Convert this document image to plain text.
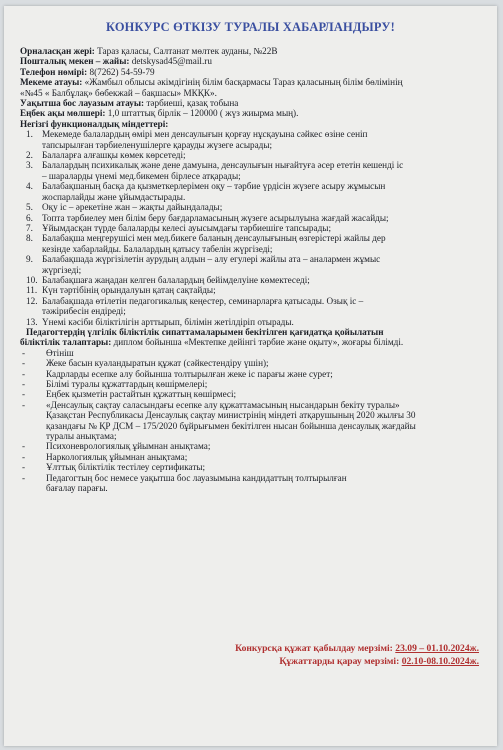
КОНКУРС ӨТКІЗУ ТУРАЛЫ ХАБАРЛАНДЫРУ!
Орналасқан жері: Тараз қаласы, Салтанат мөлтек ауданы, №22В
Пошталық мекен – жайы: detskysad45@mail.ru
Телефон нөмірі: 8(7262) 54-59-79
Мекеме атауы: «Жамбыл облысы әкімдігінің білім басқармасы Тараз қаласының білім бөлімінің
«№45 « Балбұлақ» бөбекжай – бақшасы» МКҚК».
Уақытша бос лауазым атауы: тәрбиеші, қазақ тобына
Еңбек ақы мөлшері: 1,0 штаттық бірлік – 120000 ( жүз жиырма мың).
Негізгі функционалдық міндеттері:
1. Мекемеде балалардың өмірі мен денсаулығын қорғау нұсқауына сәйкес өзіне сеніп
тапсырылған тәрбиеленушілерге қарауды жүзеге асырады;
2. Балаларға алғашқы көмек көрсетеді;
3. Балалардың психикалық және дене дамуына, денсаулығын нығайтуға әсер ететін кешенді іс
– шараларды үнемі мед.бикемен бірлесе атқарады;
4. Балабақшаның басқа да қызметкерлерімен оқу – тәрбие үрдісін жүзеге асыру жұмысын
жоспарлайды және ұйымдастырады.
5. Оқу іс – әрекетіне жан – жақты дайындалады;
6. Топта тәрбиелеу мен білім беру бағдарламасының жүзеге асырылуына жағдай жасайды;
7. Ұйымдасқан түрде балаларды келесі ауысымдағы тәрбиешіге тапсырады;
8. Балабақша меңгерушісі мен мед.бикеге баланың денсаулығының өзгерістері жайлы дер
кезінде хабарлайды. Балалардың қатысу табелін жүргізеді;
9. Балабақшада жүргізілетін аурудың алдын – алу егулері жайлы ата – аналармен жұмыс
жүргізеді;
10. Балабақшаға жаңадан келген балалардың бейімделуіне көмектеседі;
11. Күн тәртібінің орындалуын қатаң сақтайды;
12. Балабақшада өтілетін педагогикалық кеңестер, семинарларға қатысады. Озық іс –
тәжірибесін ендіреді;
13. Үнемі кәсіби біліктілігін арттырып, білімін жетілдіріп отырады.
Педагогтердің үлгілік біліктілік сипаттамаларымен бекітілген қағидатқа қойылатын
біліктілік талаптары: диплом бойынша «Мектепке дейінгі тәрбие және оқыту», жоғары білімді.
- Өтініш
- Жеке басын куәландыратын құжат (сәйкестендіру үшін);
- Кадрларды есепке алу бойынша толтырылған жеке іс парағы және сурет;
- Білімі туралы құжаттардың көшірмелері;
- Еңбек қызметін растайтын құжаттың көшірмесі;
- «Денсаулық сақтау саласындағы есепке алу құжаттамасының нысандарын бекіту туралы»
Қазақстан Республикасы Денсаулық сақтау министрінің міндеті атқарушының 2020 жылғы 30
қазандағы № ҚР ДСМ – 175/2020 бұйрығымен бекітілген нысан бойынша денсаулық жағдайы
туралы анықтама;
- Психоневрологиялық ұйымнан анықтама;
- Наркологиялық ұйымнан анықтама;
- Ұлттық біліктілік тестілеу сертификаты;
- Педагогтың бос немесе уақытша бос лауазымына кандидаттың толтырылған
бағалау парағы.
Конкурсқа құжат қабылдау мерзімі: 23.09 – 01.10.2024ж.
Құжаттарды қарау мерзімі: 02.10-08.10.2024ж.
